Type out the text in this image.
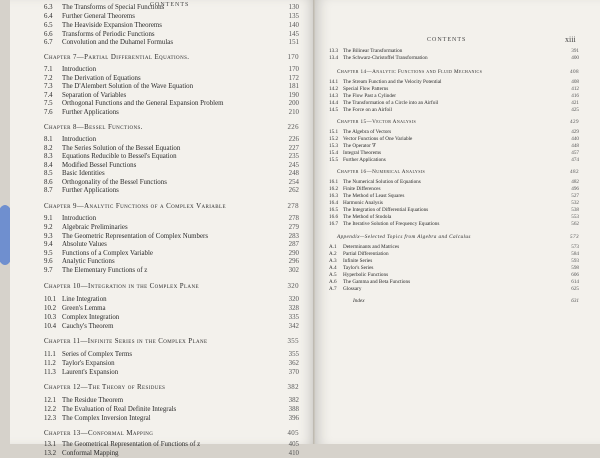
CONTENTS
6.3	The Transforms of Special Functions	130
6.4	Further General Theorems	135
6.5	The Heaviside Expansion Theorems	140
6.6	Transforms of Periodic Functions	145
6.7	Convolution and the Duhamel Formulas	151
Chapter 7—Partial Differential Equations.	170
7.1	Introduction	170
7.2	The Derivation of Equations	172
7.3	The D'Alembert Solution of the Wave Equation	181
7.4	Separation of Variables	190
7.5	Orthogonal Functions and the General Expansion Problem	200
7.6	Further Applications	210
Chapter 8—Bessel Functions.	226
8.1	Introduction	226
8.2	The Series Solution of the Bessel Equation	227
8.3	Equations Reducible to Bessel's Equation	235
8.4	Modified Bessel Functions	245
8.5	Basic Identities	248
8.6	Orthogonality of the Bessel Functions	254
8.7	Further Applications	262
Chapter 9—Analytic Functions of a Complex Variable	278
9.1	Introduction	278
9.2	Algebraic Preliminaries	279
9.3	The Geometric Representation of Complex Numbers	283
9.4	Absolute Values	287
9.5	Functions of a Complex Variable	290
9.6	Analytic Functions	296
9.7	The Elementary Functions of z	302
Chapter 10—Integration in the Complex Plane	320
10.1 Line Integration	320
10.2 Green's Lemma	328
10.3 Complex Integration	335
10.4 Cauchy's Theorem	342
Chapter 11—Infinite Series in the Complex Plane	355
11.1 Series of Complex Terms	355
11.2 Taylor's Expansion	362
11.3 Laurent's Expansion	370
Chapter 12—The Theory of Residues	382
12.1 The Residue Theorem	382
12.2 The Evaluation of Real Definite Integrals	388
12.3 The Complex Inversion Integral	396
Chapter 13—Conformal Mapping	405
13.1 The Geometrical Representation of Functions of z	405
13.2 Conformal Mapping	410
CONTENTS	xiii
13.3 The Bilinear Transformation	391
13.4 The Schwarz-Christoffel Transformation	400
Chapter 14—Analytic Functions and Fluid Mechanics	408
14.1 The Stream Function and the Velocity Potential	408
14.2 Special Flow Patterns	412
14.3 The Flow Past a Cylinder	416
14.4 The Transformation of a Circle into an Airfoil	421
14.5 The Force on an Airfoil	425
Chapter 15—Vector Analysis	429
15.1 The Algebra of Vectors	429
15.2 Vector Functions of One Variable	440
15.3 The Operator ∇	448
15.4 Integral Theorems	457
15.5 Further Applications	474
Chapter 16—Numerical Analysis	482
16.1 The Numerical Solution of Equations	482
16.2 Finite Differences	496
16.3 The Method of Least Squares	527
16.4 Harmonic Analysis	532
16.5 The Integration of Differential Equations	538
16.6 The Method of Stodola	553
16.7 The Iterative Solution of Frequency Equations	562
Appendix—Selected Topics from Algebra and Calculus	573
A.1	Determinants and Matrices	573
A.2	Partial Differentiation	584
A.3	Infinite Series	593
A.4	Taylor's Series	598
A.5	Hyperbolic Functions	606
A.6	The Gamma and Beta Functions	614
A.7	Glossary	625
Index	631
